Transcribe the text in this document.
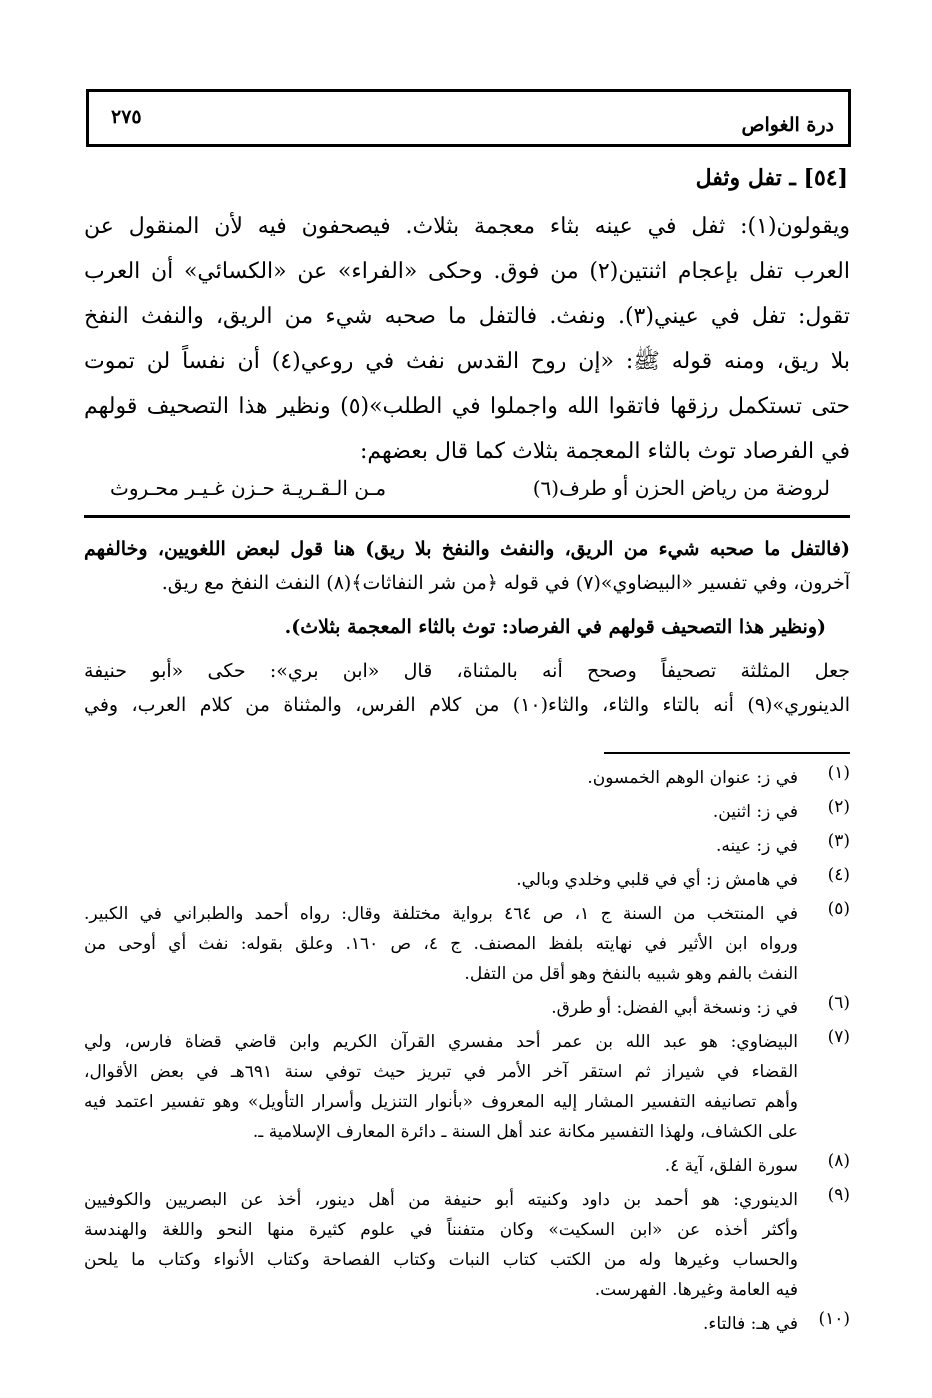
درة الغواص
٢٧٥
[٥٤] ـ تفل وثفل
ويقولون(١): ثفل في عينه بثاء معجمة بثلاث. فيصحفون فيه لأن المنقول عن
العرب تفل بإعجام اثنتين(٢) من فوق. وحكى «الفراء» عن «الكسائي» أن العرب
تقول: تفل في عيني(٣). ونفث. فالتفل ما صحبه شيء من الريق، والنفث النفخ
بلا ريق، ومنه قوله ﷺ: «إن روح القدس نفث في روعي(٤) أن نفساً لن تموت
حتى تستكمل رزقها فاتقوا الله واجملوا في الطلب»(٥) ونظير هذا التصحيف قولهم
في الفرصاد توث بالثاء المعجمة بثلاث كما قال بعضهم:
لروضة من رياض الحزن أو طرف(٦)
مـن الـقـريـة حـزن غـيـر محـروث
(فالتفل ما صحبه شيء من الريق، والنفث والنفخ بلا ريق) هنا قول لبعض اللغويين، وخالفهم
آخرون، وفي تفسير «البيضاوي»(٧) في قوله ﴿من شر النفاثات﴾(٨) النفث النفخ مع ريق.
(ونظير هذا التصحيف قولهم في الفرصاد: توث بالثاء المعجمة بثلاث).
جعل المثلثة تصحيفاً وصحح أنه بالمثناة، قال «ابن بري»: حكى «أبو حنيفة
الدينوري»(٩) أنه بالتاء والثاء، والثاء(١٠) من كلام الفرس، والمثناة من كلام العرب، وفي
(١)
في ز: عنوان الوهم الخمسون.
(٢)
في ز: اثنين.
(٣)
في ز: عينه.
(٤)
في هامش ز: أي في قلبي وخلدي وبالي.
(٥)
في المنتخب من السنة ج ١، ص ٤٦٤ برواية مختلفة وقال: رواه أحمد والطبراني في الكبير.
ورواه ابن الأثير في نهايته بلفظ المصنف. ج ٤، ص ١٦٠. وعلق بقوله: نفث أي أوحى من
النفث بالفم وهو شبيه بالنفخ وهو أقل من التفل.
(٦)
في ز: ونسخة أبي الفضل: أو طرق.
(٧)
البيضاوي: هو عبد الله بن عمر أحد مفسري القرآن الكريم وابن قاضي قضاة فارس، ولي
القضاء في شيراز ثم استقر آخر الأمر في تبريز حيث توفي سنة ٦٩١هـ في بعض الأقوال،
وأهم تصانيفه التفسير المشار إليه المعروف «بأنوار التنزيل وأسرار التأويل» وهو تفسير اعتمد فيه
على الكشاف، ولهذا التفسير مكانة عند أهل السنة ـ دائرة المعارف الإسلامية ـ.
(٨)
سورة الفلق، آية ٤.
(٩)
الدينوري: هو أحمد بن داود وكنيته أبو حنيفة من أهل دينور، أخذ عن البصريين والكوفيين
وأكثر أخذه عن «ابن السكيت» وكان متفنناً في علوم كثيرة منها النحو واللغة والهندسة
والحساب وغيرها وله من الكتب كتاب النبات وكتاب الفصاحة وكتاب الأنواء وكتاب ما يلحن
فيه العامة وغيرها. الفهرست.
(١٠)
في هـ: فالتاء.
